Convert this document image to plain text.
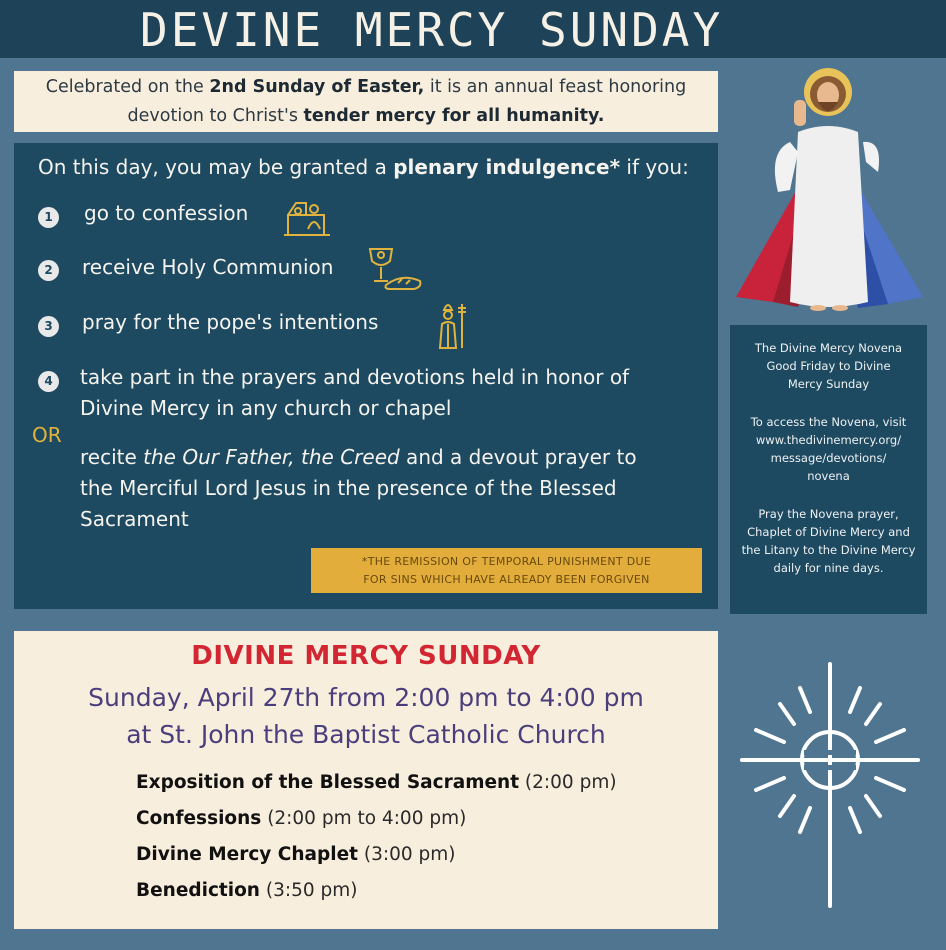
DEVINE MERCY SUNDAY
Celebrated on the 2nd Sunday of Easter, it is an annual feast honoring
devotion to Christ's tender mercy for all humanity.
On this day, you may be granted a plenary indulgence* if you:
1	go to confession
2	receive Holy Communion
3	pray for the pope's intentions
4	take part in the prayers and devotions held in honor of
Divine Mercy in any church or chapel
OR
recite the Our Father, the Creed and a devout prayer to
the Merciful Lord Jesus in the presence of the Blessed
Sacrament
*THE REMISSION OF TEMPORAL PUNISHMENT DUE
FOR SINS WHICH HAVE ALREADY BEEN FORGIVEN

The Divine Mercy Novena
Good Friday to Divine
Mercy Sunday

To access the Novena, visit
www.thedivinemercy.org/
message/devotions/
novena

Pray the Novena prayer,
Chaplet of Divine Mercy and
the Litany to the Divine Mercy
daily for nine days.

DIVINE MERCY SUNDAY
Sunday, April 27th from 2:00 pm to 4:00 pm
at St. John the Baptist Catholic Church
Exposition of the Blessed Sacrament (2:00 pm)
Confessions (2:00 pm to 4:00 pm)
Divine Mercy Chaplet (3:00 pm)
Benediction (3:50 pm)
